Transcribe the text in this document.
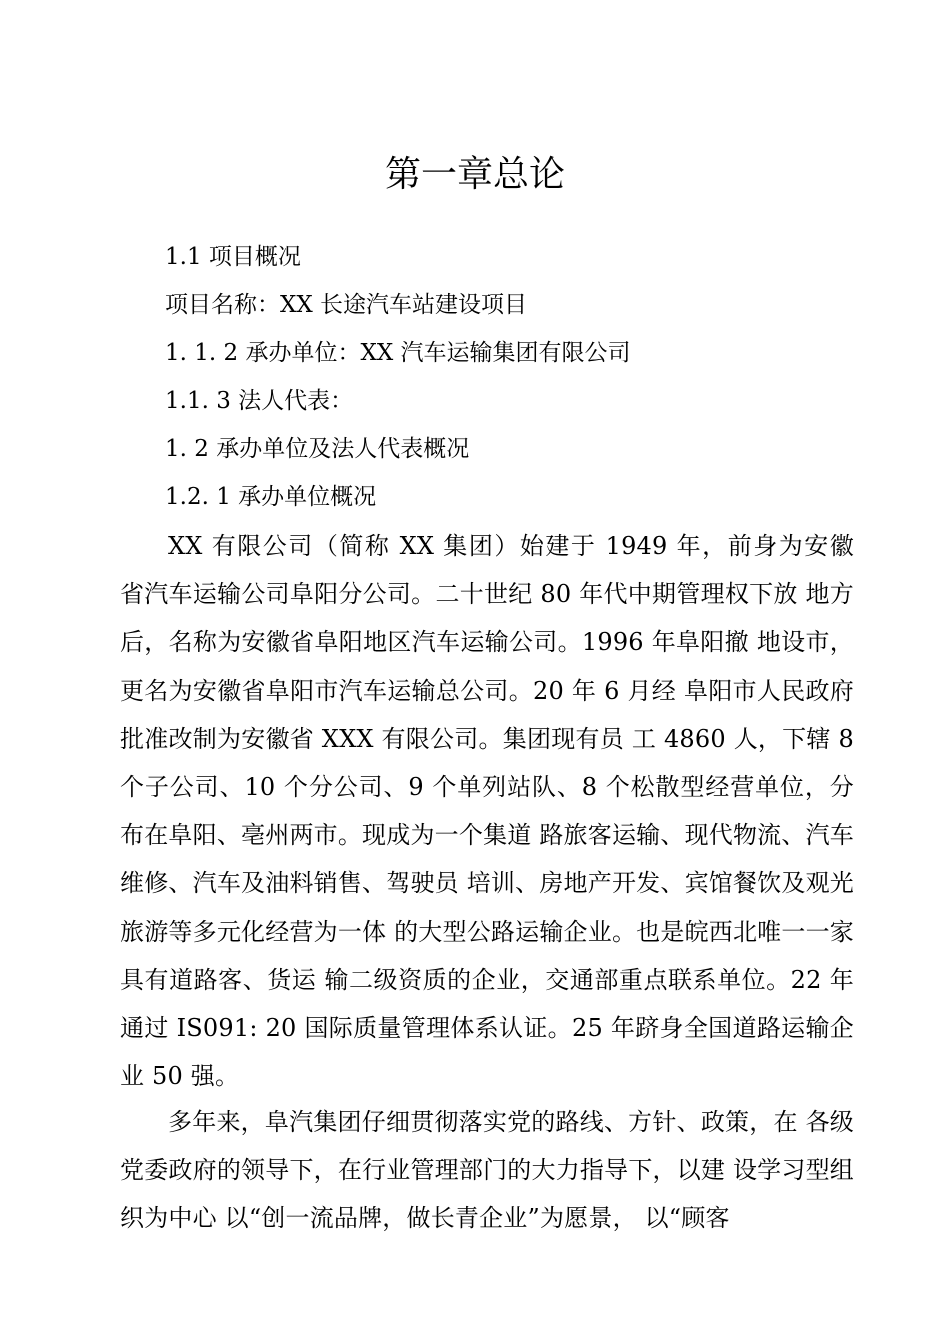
第一章总论

1.1 项目概况

项目名称：XX 长途汽车站建设项目

1. 1. 2 承办单位：XX 汽车运输集团有限公司

1.1. 3 法人代表：

1. 2 承办单位及法人代表概况

1.2. 1 承办单位概况

XX 有限公司（简称 XX 集团）始建于 1949 年，前身为安徽 省汽车运输公司阜阳分公司。二十世纪 80 年代中期管理权下放 地方后，名称为安徽省阜阳地区汽车运输公司。1996 年阜阳撤 地设市，更名为安徽省阜阳市汽车运输总公司。20 年 6 月经 阜阳市人民政府批准改制为安徽省 XXX 有限公司。集团现有员 工 4860 人，下辖 8 个子公司、10 个分公司、9 个单列站队、8 个松散型经营单位，分布在阜阳、亳州两市。现成为一个集道 路旅客运输、现代物流、汽车维修、汽车及油料销售、驾驶员 培训、房地产开发、宾馆餐饮及观光旅游等多元化经营为一体 的大型公路运输企业。也是皖西北唯一一家具有道路客、货运 输二级资质的企业，交通部重点联系单位。22 年通过 IS091: 20 国际质量管理体系认证。25 年跻身全国道路运输企业 50 强。

多年来，阜汽集团仔细贯彻落实党的路线、方针、政策，在 各级党委政府的领导下，在行业管理部门的大力指导下，以建 设学习型组织为中心 以“创一流品牌，做长青企业”为愿景， 以“顾客
